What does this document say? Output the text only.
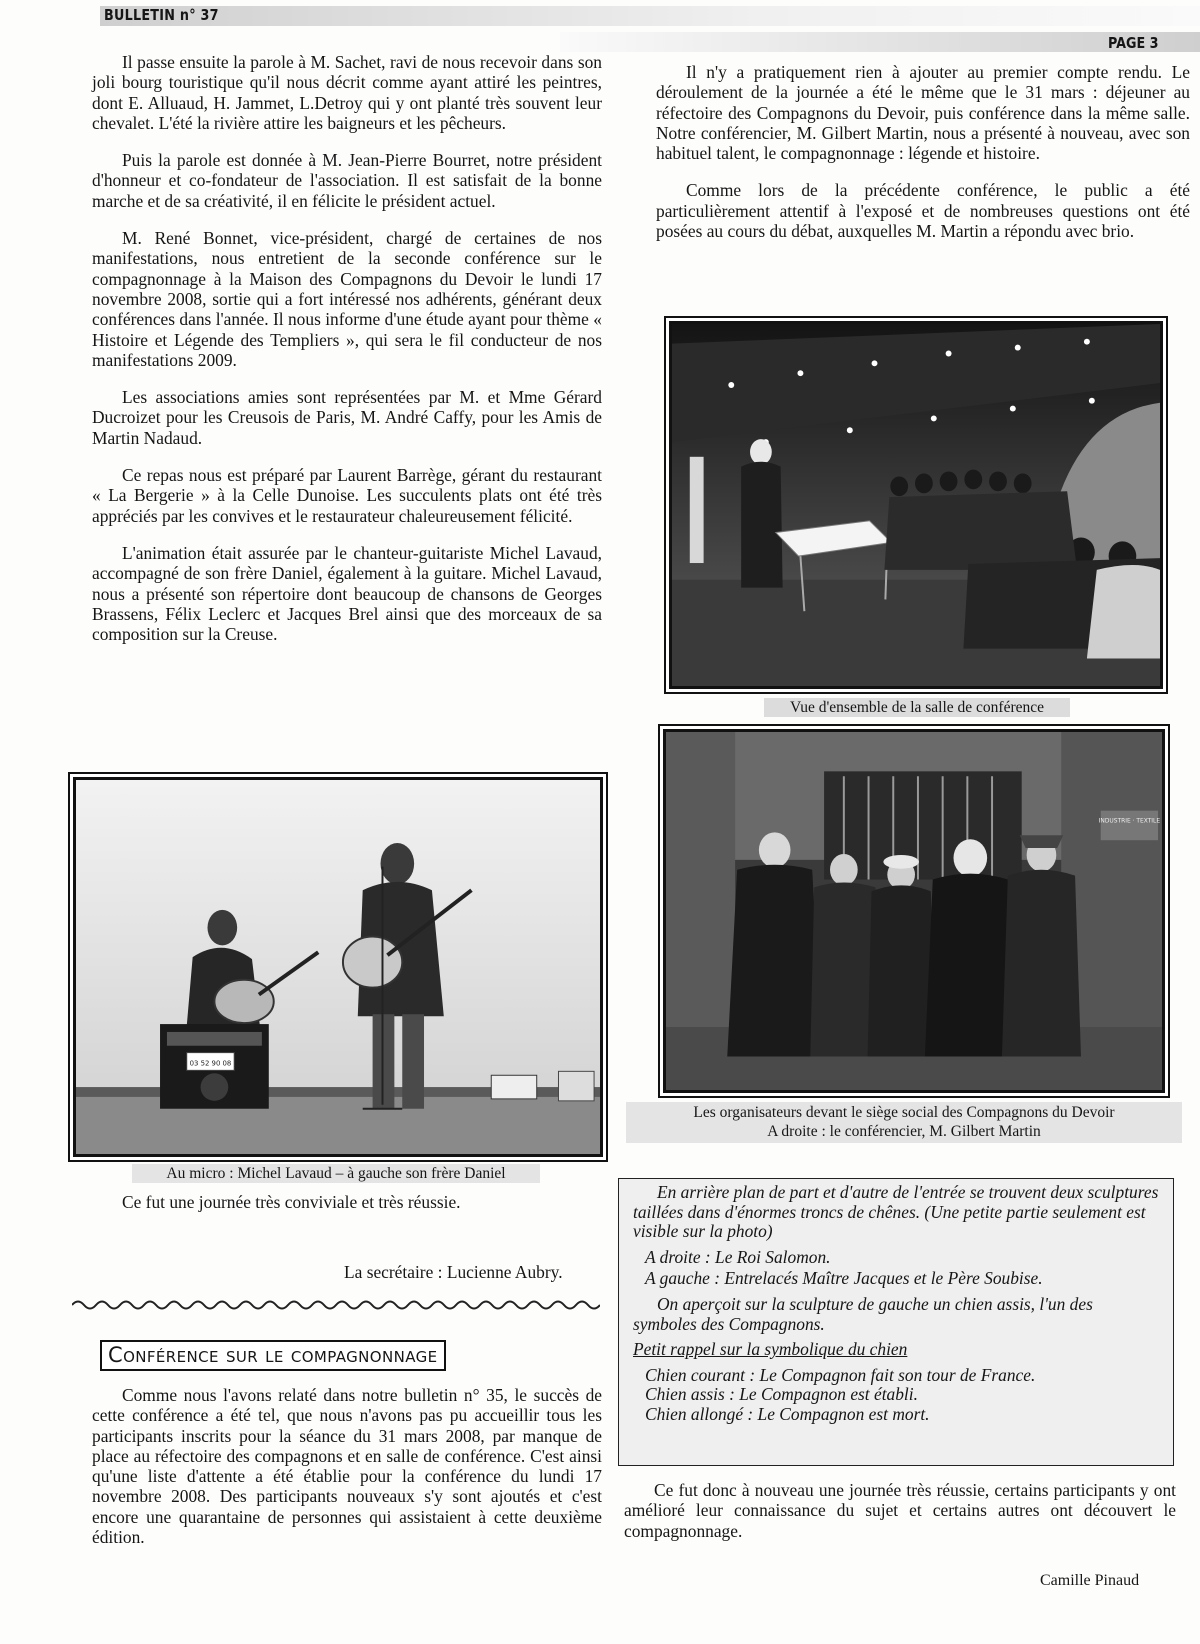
BULLETIN n° 37
PAGE 3

Il passe ensuite la parole à M. Sachet, ravi de nous recevoir dans son joli bourg touristique qu'il nous décrit comme ayant attiré les peintres, dont E. Alluaud, H. Jammet, L.Detroy qui y ont planté très souvent leur chevalet. L'été la rivière attire les baigneurs et les pêcheurs.

Puis la parole est donnée à M. Jean-Pierre Bourret, notre président d'honneur et co-fondateur de l'association. Il est satisfait de la bonne marche et de sa créativité, il en félicite le président actuel.

M. René Bonnet, vice-président, chargé de certaines de nos manifestations, nous entretient de la seconde conférence sur le compagnonnage à la Maison des Compagnons du Devoir le lundi 17 novembre 2008, sortie qui a fort intéressé nos adhérents, générant deux conférences dans l'année. Il nous informe d'une étude ayant pour thème « Histoire et Légende des Templiers », qui sera le fil conducteur de nos manifestations 2009.

Les associations amies sont représentées par M. et Mme Gérard Ducroizet pour les Creusois de Paris, M. André Caffy, pour les Amis de Martin Nadaud.

Ce repas nous est préparé par Laurent Barrège, gérant du restaurant « La Bergerie » à la Celle Dunoise. Les succulents plats ont été très appréciés par les convives et le restaurateur chaleureusement félicité.

L'animation était assurée par le chanteur-guitariste Michel Lavaud, accompagné de son frère Daniel, également à la guitare. Michel Lavaud, nous a présenté son répertoire dont beaucoup de chansons de Georges Brassens, Félix Leclerc et Jacques Brel ainsi que des morceaux de sa composition sur la Creuse.

03 52 90 08
Au micro : Michel Lavaud – à gauche son frère Daniel
Ce fut une journée très conviviale et très réussie.
La secrétaire : Lucienne Aubry.
Conférence sur le compagnonnage

Comme nous l'avons relaté dans notre bulletin n° 35, le succès de cette conférence a été tel, que nous n'avons pas pu accueillir tous les participants inscrits pour la séance du 31 mars 2008, par manque de place au réfectoire des compagnons et en salle de conférence. C'est ainsi qu'une liste d'attente a été établie pour la conférence du lundi 17 novembre 2008. Des participants nouveaux s'y sont ajoutés et c'est encore une quarantaine de personnes qui assistaient à cette deuxième édition.

Il n'y a pratiquement rien à ajouter au premier compte rendu. Le déroulement de la journée a été le même que le 31 mars : déjeuner au réfectoire des Compagnons du Devoir, puis conférence dans la même salle. Notre conférencier, M. Gilbert Martin, nous a présenté à nouveau, avec son habituel talent, le compagnonnage : légende et histoire.

Comme lors de la précédente conférence, le public a été particulièrement attentif à l'exposé et de nombreuses questions ont été posées au cours du débat, auxquelles M. Martin a répondu avec brio.

Vue d'ensemble de la salle de conférence
INDUSTRIE · TEXTILE
Les organisateurs devant le siège social des Compagnons du Devoir
A droite : le conférencier, M. Gilbert Martin

En arrière plan de part et d'autre de l'entrée se trouvent deux sculptures taillées dans d'énormes troncs de chênes. (Une petite partie seulement est visible sur la photo)

A droite : Le Roi Salomon.

A gauche : Entrelacés Maître Jacques et le Père Soubise.

On aperçoit sur la sculpture de gauche un chien assis, l'un des symboles des Compagnons.

Petit rappel sur la symbolique du chien

Chien courant : Le Compagnon fait son tour de France.
Chien assis : Le Compagnon est établi.
Chien allongé : Le Compagnon est mort.

Ce fut donc à nouveau une journée très réussie, certains participants y ont amélioré leur connaissance du sujet et certains autres ont découvert le compagnonnage.

Camille Pinaud
